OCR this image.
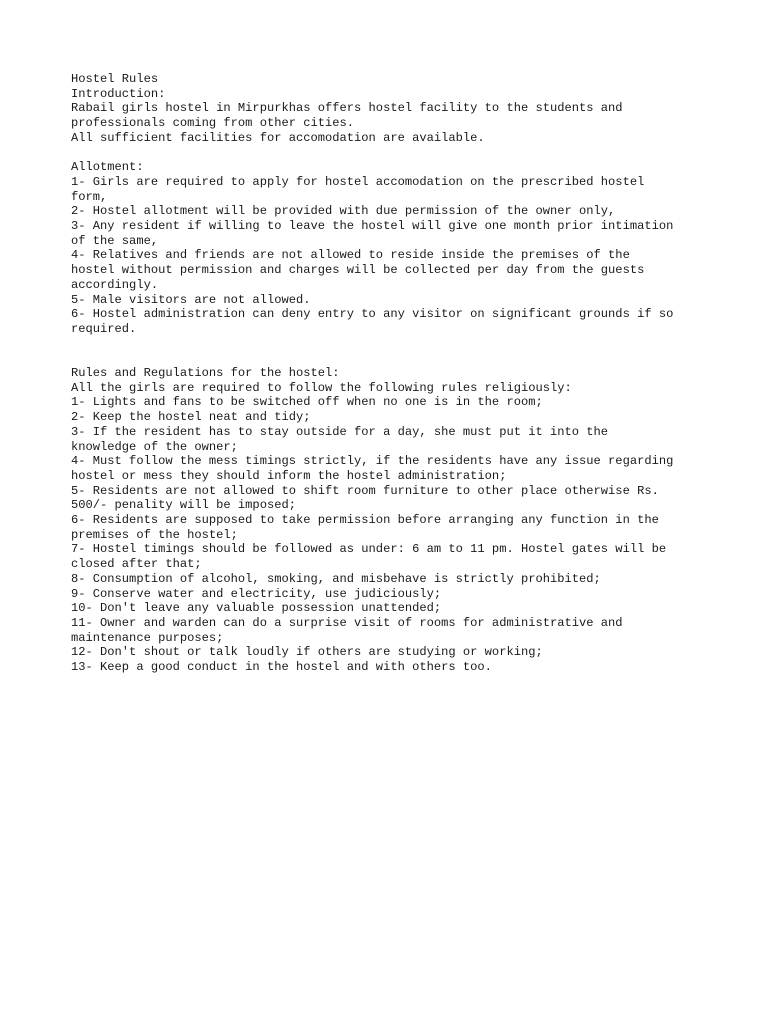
Hostel Rules
Introduction:
Rabail girls hostel in Mirpurkhas offers hostel facility to the students and
professionals coming from other cities.
All sufficient facilities for accomodation are available.
Allotment:
1- Girls are required to apply for hostel accomodation on the prescribed hostel
form,
2- Hostel allotment will be provided with due permission of the owner only,
3- Any resident if willing to leave the hostel will give one month prior intimation
of the same,
4- Relatives and friends are not allowed to reside inside the premises of the
hostel without permission and charges will be collected per day from the guests
accordingly.
5- Male visitors are not allowed.
6- Hostel administration can deny entry to any visitor on significant grounds if so
required.
Rules and Regulations for the hostel:
All the girls are required to follow the following rules religiously:
1- Lights and fans to be switched off when no one is in the room;
2- Keep the hostel neat and tidy;
3- If the resident has to stay outside for a day, she must put it into the
knowledge of the owner;
4- Must follow the mess timings strictly, if the residents have any issue regarding
hostel or mess they should inform the hostel administration;
5- Residents are not allowed to shift room furniture to other place otherwise Rs.
500/- penality will be imposed;
6- Residents are supposed to take permission before arranging any function in the
premises of the hostel;
7- Hostel timings should be followed as under: 6 am to 11 pm. Hostel gates will be
closed after that;
8- Consumption of alcohol, smoking, and misbehave is strictly prohibited;
9- Conserve water and electricity, use judiciously;
10- Don't leave any valuable possession unattended;
11- Owner and warden can do a surprise visit of rooms for administrative and
maintenance purposes;
12- Don't shout or talk loudly if others are studying or working;
13- Keep a good conduct in the hostel and with others too.
